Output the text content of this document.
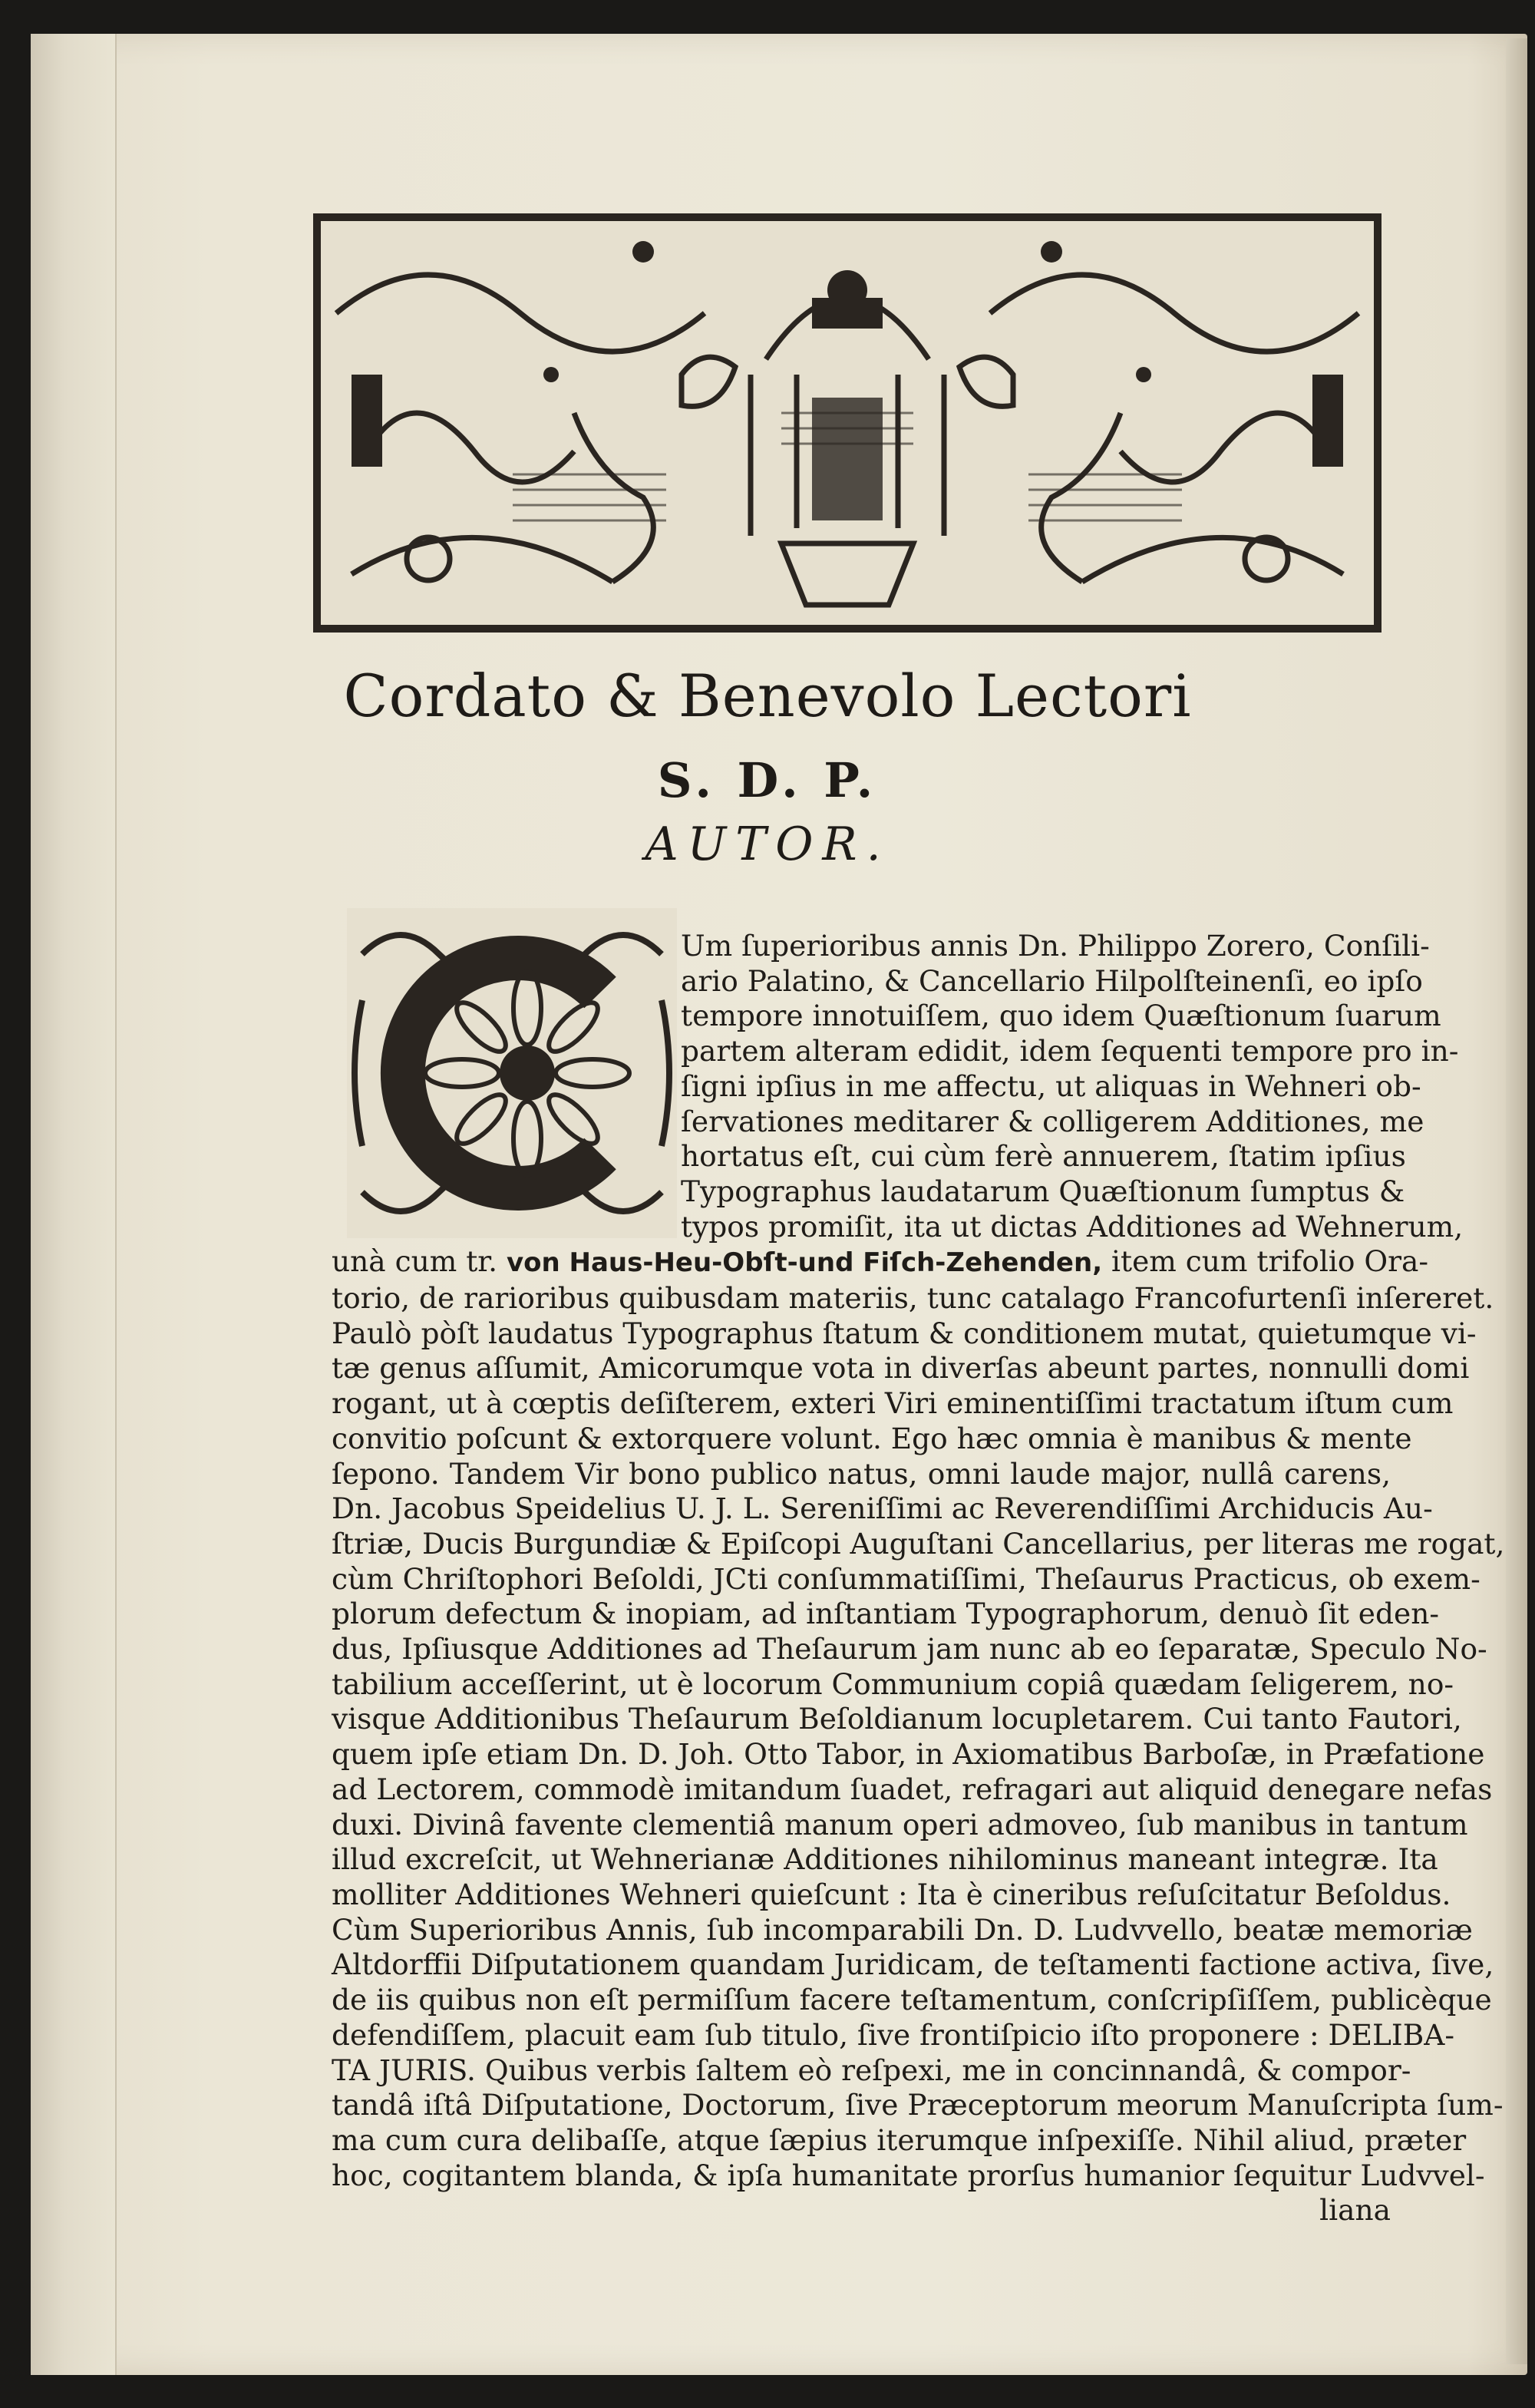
Cordato & Benevolo Lectori
S. D. P.
AUTOR.
Um ſuperioribus annis Dn. Philippo Zorero, Conſili-
ario Palatino, & Cancellario Hilpolſteinenſi, eo ipſo
tempore innotuiſſem, quo idem Quæſtionum ſuarum
partem alteram edidit, idem ſequenti tempore pro in-
ſigni ipſius in me affectu, ut aliquas in Wehneri ob-
ſervationes meditarer & colligerem Additiones, me
hortatus eſt, cui cùm ferè annuerem, ſtatim ipſius
Typographus laudatarum Quæſtionum ſumptus &
typos promiſit, ita ut dictas Additiones ad Wehnerum,
unà cum tr. von Haus-Heu-Obſt-und Fiſch-Zehenden, item cum trifolio Ora-
torio, de rarioribus quibusdam materiis, tunc catalago Francofurtenſi inſereret.
Paulò pòſt laudatus Typographus ſtatum & conditionem mutat, quietumque vi-
tæ genus aſſumit, Amicorumque vota in diverſas abeunt partes, nonnulli domi
rogant, ut à cœptis deſiſterem, exteri Viri eminentiſſimi tractatum iſtum cum
convitio poſcunt & extorquere volunt. Ego hæc omnia è manibus & mente
ſepono. Tandem Vir bono publico natus, omni laude major, nullâ carens,
Dn. Jacobus Speidelius U. J. L. Sereniſſimi ac Reverendiſſimi Archiducis Au-
ſtriæ, Ducis Burgundiæ & Epiſcopi Auguſtani Cancellarius, per literas me rogat,
cùm Chriſtophori Beſoldi, JCti conſummatiſſimi, Theſaurus Practicus, ob exem-
plorum defectum & inopiam, ad inſtantiam Typographorum, denuò ſit eden-
dus, Ipſiusque Additiones ad Theſaurum jam nunc ab eo ſeparatæ, Speculo No-
tabilium acceſſerint, ut è locorum Communium copiâ quædam ſeligerem, no-
visque Additionibus Theſaurum Beſoldianum locupletarem. Cui tanto Fautori,
quem ipſe etiam Dn. D. Joh. Otto Tabor, in Axiomatibus Barboſæ, in Præfatione
ad Lectorem, commodè imitandum ſuadet, refragari aut aliquid denegare nefas
duxi. Divinâ favente clementiâ manum operi admoveo, ſub manibus in tantum
illud excreſcit, ut Wehnerianæ Additiones nihilominus maneant integræ. Ita
molliter Additiones Wehneri quieſcunt : Ita è cineribus reſuſcitatur Beſoldus.
Cùm Superioribus Annis, ſub incomparabili Dn. D. Ludvvello, beatæ memoriæ
Altdorffii Diſputationem quandam Juridicam, de teſtamenti factione activa, ſive,
de iis quibus non eſt permiſſum facere teſtamentum, conſcripſiſſem, publicèque
defendiſſem, placuit eam ſub titulo, ſive frontiſpicio iſto proponere : DELIBA-
TA JURIS. Quibus verbis ſaltem eò reſpexi, me in concinnandâ, & compor-
tandâ iſtâ Diſputatione, Doctorum, ſive Præceptorum meorum Manuſcripta ſum-
ma cum cura delibaſſe, atque ſæpius iterumque inſpexiſſe. Nihil aliud, præter
hoc, cogitantem blanda, & ipſa humanitate prorſus humanior ſequitur Ludvvel-
liana
